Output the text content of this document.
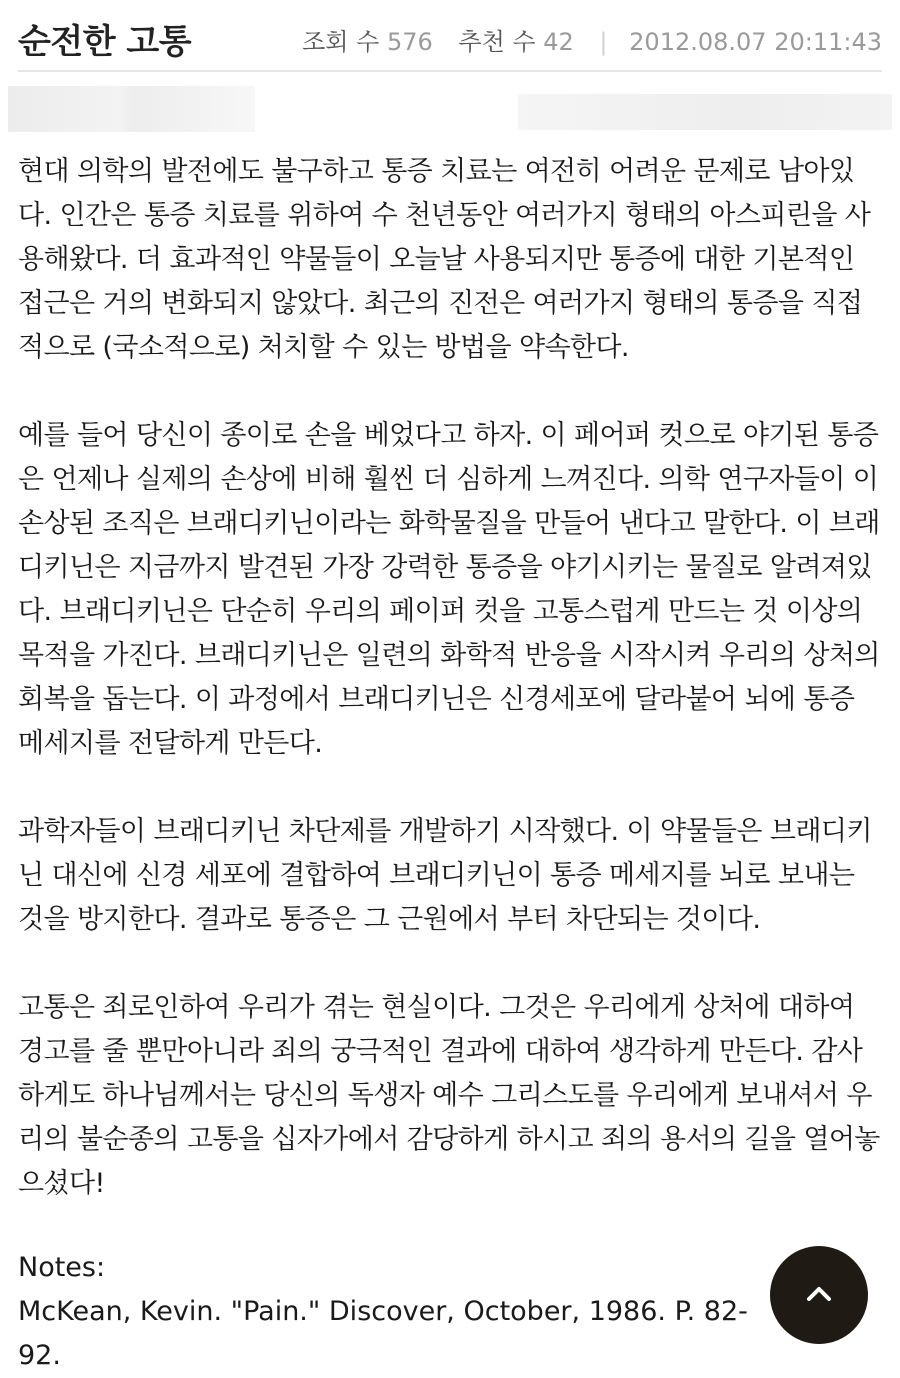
순전한 고통	조회 수 576 추천 수 42 | 2012.08.07 20:11:43

현대 의학의 발전에도 불구하고 통증 치료는 여전히 어려운 문제로 남아있다. 인간은 통증 치료를 위하여 수 천년동안 여러가지 형태의 아스피린을 사용해왔다. 더 효과적인 약물들이 오늘날 사용되지만 통증에 대한 기본적인 접근은 거의 변화되지 않았다. 최근의 진전은 여러가지 형태의 통증을 직접적으로 (국소적으로) 처치할 수 있는 방법을 약속한다.

예를 들어 당신이 종이로 손을 베었다고 하자. 이 페어퍼 컷으로 야기된 통증은 언제나 실제의 손상에 비해 훨씬 더 심하게 느껴진다. 의학 연구자들이 이 손상된 조직은 브래디키닌이라는 화학물질을 만들어 낸다고 말한다. 이 브래디키닌은 지금까지 발견된 가장 강력한 통증을 야기시키는 물질로 알려져있다. 브래디키닌은 단순히 우리의 페이퍼 컷을 고통스럽게 만드는 것 이상의 목적을 가진다. 브래디키닌은 일련의 화학적 반응을 시작시켜 우리의 상처의 회복을 돕는다. 이 과정에서 브래디키닌은 신경세포에 달라붙어 뇌에 통증 메세지를 전달하게 만든다.

과학자들이 브래디키닌 차단제를 개발하기 시작했다. 이 약물들은 브래디키닌 대신에 신경 세포에 결합하여 브래디키닌이 통증 메세지를 뇌로 보내는 것을 방지한다. 결과로 통증은 그 근원에서 부터 차단되는 것이다.

고통은 죄로인하여 우리가 겪는 현실이다. 그것은 우리에게 상처에 대하여 경고를 줄 뿐만아니라 죄의 궁극적인 결과에 대하여 생각하게 만든다. 감사하게도 하나님께서는 당신의 독생자 예수 그리스도를 우리에게 보내셔서 우리의 불순종의 고통을 십자가에서 감당하게 하시고 죄의 용서의 길을 열어놓으셨다!

Notes:

McKean, Kevin. "Pain." Discover, October, 1986. P. 82-92.
